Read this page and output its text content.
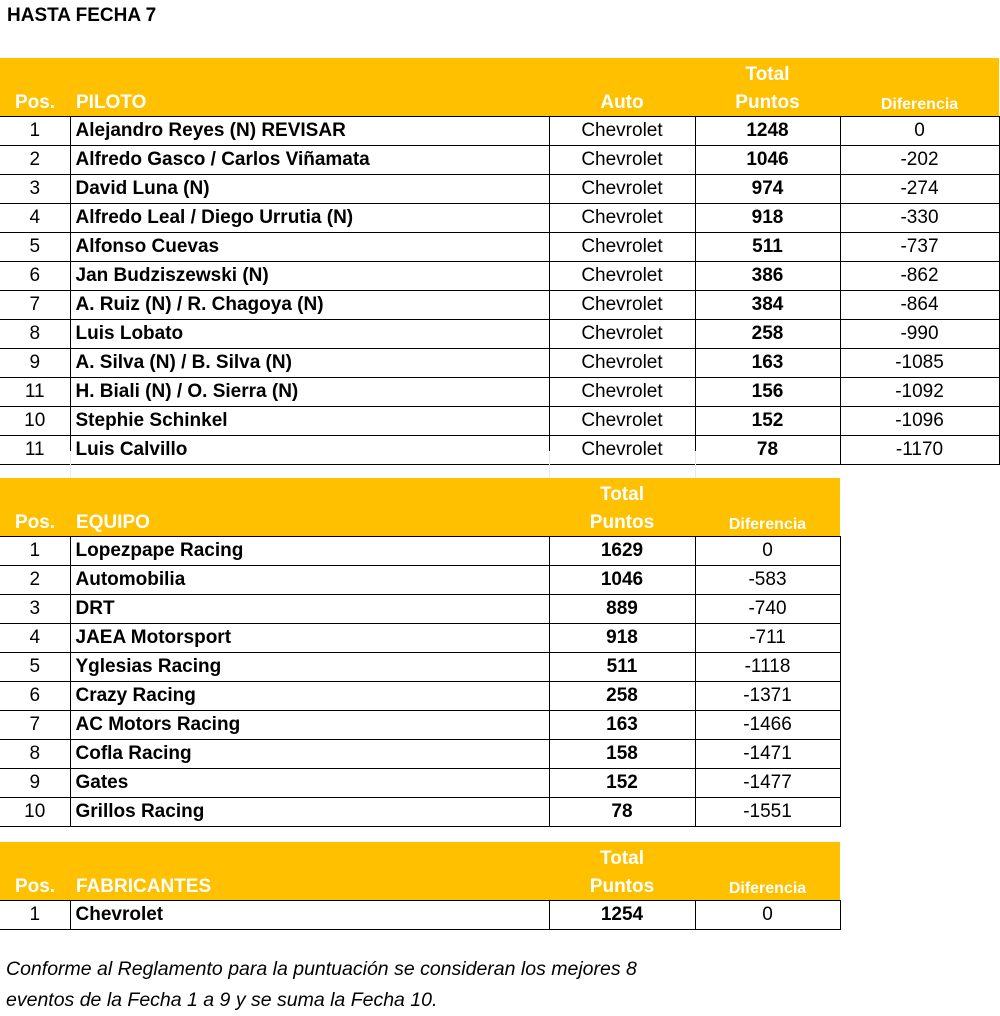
HASTA FECHA 7
			Total	
Pos.	PILOTO	Auto	Puntos	Diferencia
1	Alejandro Reyes (N) REVISAR	Chevrolet	1248	0
2	Alfredo Gasco / Carlos Viñamata	Chevrolet	1046	-202
3	David Luna (N)	Chevrolet	974	-274
4	Alfredo Leal / Diego Urrutia (N)	Chevrolet	918	-330
5	Alfonso Cuevas	Chevrolet	511	-737
6	Jan Budziszewski (N)	Chevrolet	386	-862
7	A. Ruiz (N) / R. Chagoya (N)	Chevrolet	384	-864
8	Luis Lobato	Chevrolet	258	-990
9	A. Silva (N) / B. Silva (N)	Chevrolet	163	-1085
11	H. Biali (N) / O. Sierra (N)	Chevrolet	156	-1092
10	Stephie Schinkel	Chevrolet	152	-1096
11	Luis Calvillo	Chevrolet	78	-1170
		Total	
Pos.	EQUIPO	Puntos	Diferencia
1	Lopezpape Racing	1629	0
2	Automobilia	1046	-583
3	DRT	889	-740
4	JAEA Motorsport	918	-711
5	Yglesias Racing	511	-1118
6	Crazy Racing	258	-1371
7	AC Motors Racing	163	-1466
8	Cofla Racing	158	-1471
9	Gates	152	-1477
10	Grillos Racing	78	-1551
		Total	
Pos.	FABRICANTES	Puntos	Diferencia
1	Chevrolet	1254	0
Conforme al Reglamento para la puntuación se consideran los mejores 8
eventos de la Fecha 1 a 9 y se suma la Fecha 10.
